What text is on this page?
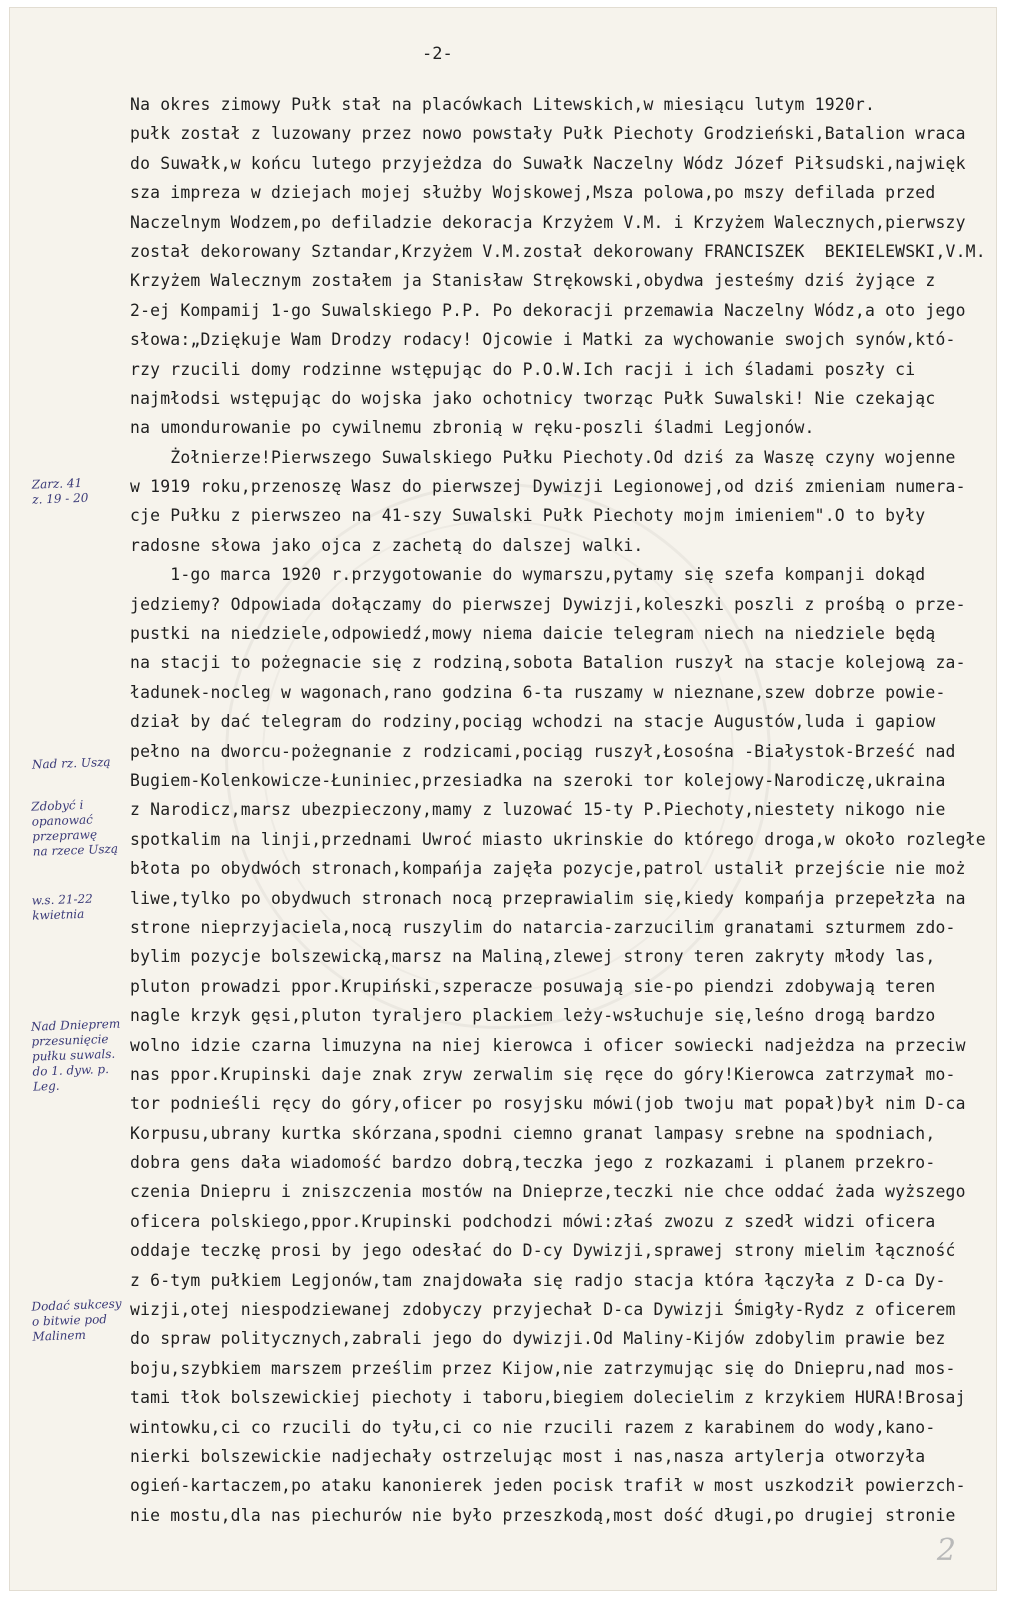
-2-
Zarz. 41
z. 19 - 20
Nad rz. Uszą
Zdobyć i
opanować
przeprawę
na rzece Uszą
w.s. 21-22
kwietnia
Nad Dnieprem
przesunięcie
pułku suwals.
do 1. dyw. p. Leg.
Dodać sukcesy
o bitwie pod
Malinem
Na okres zimowy Pułk stał na placówkach Litewskich,w miesiącu lutym 1920r.
pułk został z luzowany przez nowo powstały Pułk Piechoty Grodzieński,Batalion wraca
do Suwałk,w końcu lutego przyjeżdza do Suwałk Naczelny Wódz Józef Piłsudski,najwięk
sza impreza w dziejach mojej służby Wojskowej,Msza polowa,po mszy defilada przed
Naczelnym Wodzem,po defiladzie dekoracja Krzyżem V.M. i Krzyżem Walecznych,pierwszy
został dekorowany Sztandar,Krzyżem V.M.został dekorowany FRANCISZEK  BEKIELEWSKI,V.M.
Krzyżem Walecznym zostałem ja Stanisław Strękowski,obydwa jesteśmy dziś żyjące z
2-ej Kompamij 1-go Suwalskiego P.P. Po dekoracji przemawia Naczelny Wódz,a oto jego
słowa:„Dziękuje Wam Drodzy rodacy! Ojcowie i Matki za wychowanie swojch synów,któ-
rzy rzucili domy rodzinne wstępując do P.O.W.Ich racji i ich śladami poszły ci
najmłodsi wstępując do wojska jako ochotnicy tworząc Pułk Suwalski! Nie czekając
na umondurowanie po cywilnemu zbronią w ręku-poszli śladmi Legjonów.
Żołnierze!Pierwszego Suwalskiego Pułku Piechoty.Od dziś za Waszę czyny wojenne
w 1919 roku,przenoszę Wasz do pierwszej Dywizji Legionowej,od dziś zmieniam numera-
cje Pułku z pierwszeo na 41-szy Suwalski Pułk Piechoty mojm imieniem".O to były
radosne słowa jako ojca z zachetą do dalszej walki.
1-go marca 1920 r.przygotowanie do wymarszu,pytamy się szefa kompanji dokąd
jedziemy? Odpowiada dołączamy do pierwszej Dywizji,koleszki poszli z prośbą o prze-
pustki na niedziele,odpowiedź,mowy niema daicie telegram niech na niedziele będą
na stacji to pożegnacie się z rodziną,sobota Batalion ruszył na stacje kolejową za-
ładunek-nocleg w wagonach,rano godzina 6-ta ruszamy w nieznane,szew dobrze powie-
dział by dać telegram do rodziny,pociąg wchodzi na stacje Augustów,luda i gapiow
pełno na dworcu-pożegnanie z rodzicami,pociąg ruszył,Łosośna -Białystok-Brześć nad
Bugiem-Kolenkowicze-Łuniniec,przesiadka na szeroki tor kolejowy-Narodiczę,ukraina
z Narodicz,marsz ubezpieczony,mamy z luzować 15-ty P.Piechoty,niestety nikogo nie
spotkalim na linji,przednami Uwroć miasto ukrinskie do którego droga,w około rozległe
błota po obydwóch stronach,kompańja zajęła pozycje,patrol ustalił przejście nie moż
liwe,tylko po obydwuch stronach nocą przeprawialim się,kiedy kompańja przepełzła na
strone nieprzyjaciela,nocą ruszylim do natarcia-zarzucilim granatami szturmem zdo-
bylim pozycje bolszewicką,marsz na Maliną,zlewej strony teren zakryty młody las,
pluton prowadzi ppor.Krupiński,szperacze posuwają sie-po piendzi zdobywają teren
nagle krzyk gęsi,pluton tyraljero plackiem leży-wsłuchuje się,leśno drogą bardzo
wolno idzie czarna limuzyna na niej kierowca i oficer sowiecki nadjeżdza na przeciw
nas ppor.Krupinski daje znak zryw zerwalim się ręce do góry!Kierowca zatrzymał mo-
tor podnieśli ręcy do góry,oficer po rosyjsku mówi(job twoju mat popał)był nim D-ca
Korpusu,ubrany kurtka skórzana,spodni ciemno granat lampasy srebne na spodniach,
dobra gens dała wiadomość bardzo dobrą,teczka jego z rozkazami i planem przekro-
czenia Dniepru i zniszczenia mostów na Dnieprze,teczki nie chce oddać żada wyższego
oficera polskiego,ppor.Krupinski podchodzi mówi:złaś zwozu z szedł widzi oficera
oddaje teczkę prosi by jego odesłać do D-cy Dywizji,sprawej strony mielim łączność
z 6-tym pułkiem Legjonów,tam znajdowała się radjo stacja która łączyła z D-ca Dy-
wizji,otej niespodziewanej zdobyczy przyjechał D-ca Dywizji Śmigły-Rydz z oficerem
do spraw politycznych,zabrali jego do dywizji.Od Maliny-Kijów zdobylim prawie bez
boju,szybkiem marszem prześlim przez Kijow,nie zatrzymując się do Dniepru,nad mos-
tami tłok bolszewickiej piechoty i taboru,biegiem dolecielim z krzykiem HURA!Brosaj
wintowku,ci co rzucili do tyłu,ci co nie rzucili razem z karabinem do wody,kano-
nierki bolszewickie nadjechały ostrzelując most i nas,nasza artylerja otworzyła
ogień-kartaczem,po ataku kanonierek jeden pocisk trafił w most uszkodził powierzch-
nie mostu,dla nas piechurów nie było przeszkodą,most dość długi,po drugiej stronie
2
